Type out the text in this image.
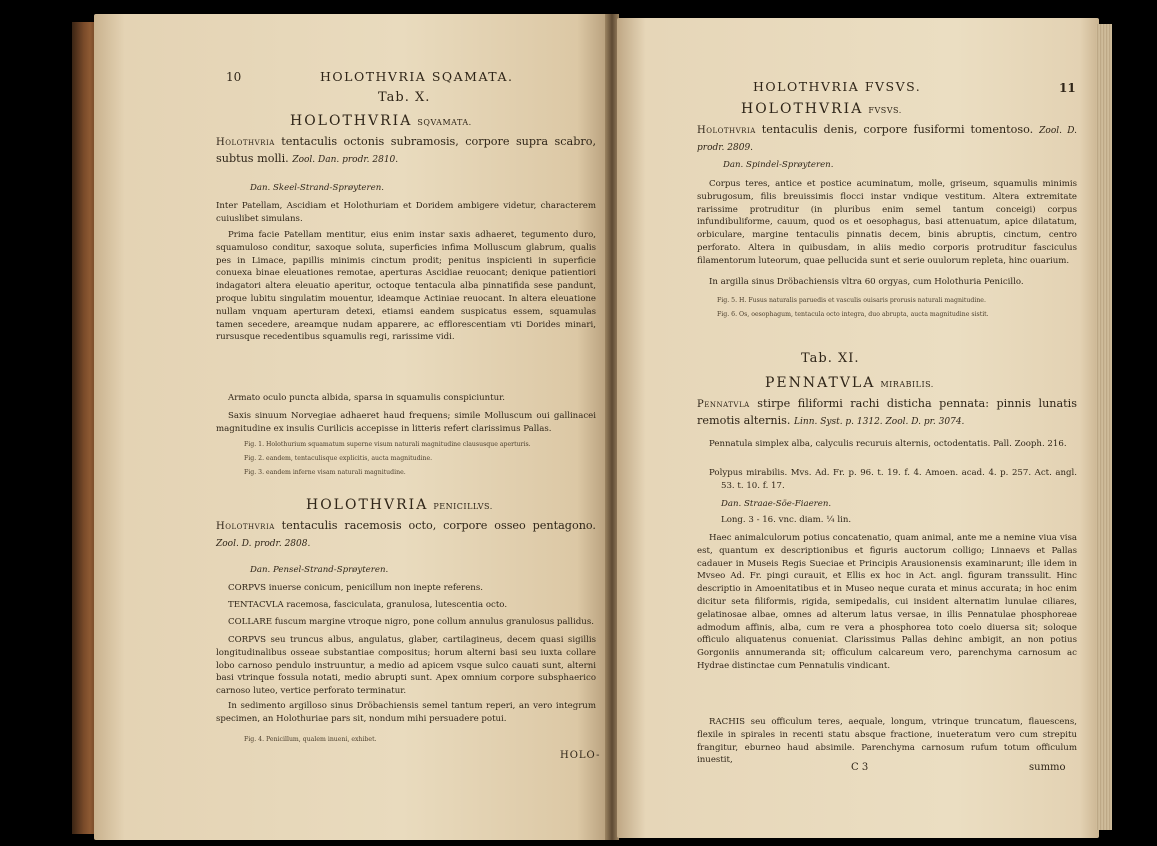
10	HOLOTHVRIA SQAMATA.
Tab. X.
HOLOTHVRIA SQVAMATA.
Holothvria tentaculis octonis subramosis, corpore supra scabro, subtus molli. Zool. Dan. prodr. 2810.
Dan. Skeel-Strand-Sprøyteren.
Inter Patellam, Ascidiam et Holothuriam et Doridem ambigere videtur, characterem cuiuslibet simulans.
Prima facie Patellam mentitur, eius enim instar saxis adhaeret, tegumento duro, squamuloso conditur, saxoque soluta, superficies infima Molluscum glabrum, qualis pes in Limace, papillis minimis cinctum prodit; penitus inspicienti in superficie conuexa binae eleuationes remotae, aperturas Ascidiae reuocant; denique patientiori indagatori altera eleuatio aperitur, octoque tentacula alba pinnatifida sese pandunt, proque lubitu singulatim mouentur, ideamque Actiniae reuocant. In altera eleuatione nullam vnquam aperturam detexi, etiamsi eandem suspicatus essem, squamulas tamen secedere, areamque nudam apparere, ac efflorescentiam vti Dorides minari, rursusque recedentibus squamulis regi, rarissime vidi.
Armato oculo puncta albida, sparsa in squamulis conspiciuntur.
Saxis sinuum Norvegiae adhaeret haud frequens; simile Molluscum oui gallinacei magnitudine ex insulis Curilicis accepisse in litteris refert clarissimus Pallas.
Fig. 1. Holothurium squamatum superne visum naturali magnitudine claususque aperturis.
Fig. 2. eandem, tentaculisque explicitis, aucta magnitudine.
Fig. 3. eandem inferne visam naturali magnitudine.
HOLOTHVRIA PENICILLVS.
Holothvria tentaculis racemosis octo, corpore osseo pentagono. Zool. D. prodr. 2808.
Dan. Pensel-Strand-Sprøyteren.
CORPVS inuerse conicum, penicillum non inepte referens.
TENTACVLA racemosa, fasciculata, granulosa, lutescentia octo.
COLLARE fuscum margine vtroque nigro, pone collum annulus granulosus pallidus.
CORPVS seu truncus albus, angulatus, glaber, cartilagineus, decem quasi sigillis longitudinalibus osseae substantiae compositus; horum alterni basi seu iuxta collare lobo carnoso pendulo instruuntur, a medio ad apicem vsque sulco cauati sunt, alterni basi vtrinque fossula notati, medio abrupti sunt. Apex omnium corpore subsphaerico carnoso luteo, vertice perforato terminatur.
In sedimento argilloso sinus Dröbachiensis semel tantum reperi, an vero integrum specimen, an Holothuriae pars sit, nondum mihi persuadere potui.
Fig. 4. Penicillum, qualem inueni, exhibet.
HOLO-
HOLOTHVRIA FVSVS.	11
HOLOTHVRIA FVSVS.
Holothvria tentaculis denis, corpore fusiformi tomentoso. Zool. D. prodr. 2809.
Dan. Spindel-Sprøyteren.
Corpus teres, antice et postice acuminatum, molle, griseum, squamulis minimis subrugosum, filis breuissimis flocci instar vndique vestitum. Altera extremitate rarissime protruditur (in pluribus enim semel tantum conceigi) corpus infundibuliforme, cauum, quod os et oesophagus, basi attenuatum, apice dilatatum, orbiculare, margine tentaculis pinnatis decem, binis abruptis, cinctum, centro perforato. Altera in quibusdam, in aliis medio corporis protruditur fasciculus filamentorum luteorum, quae pellucida sunt et serie ouulorum repleta, hinc ouarium.
In argilla sinus Dröbachiensis vltra 60 orgyas, cum Holothuria Penicillo.
Fig. 5. H. Fusus naturalis paruedis et vasculis ouisaris prorusis naturali magnitudine.
Fig. 6. Os, oesophagum, tentacula octo integra, duo abrupta, aucta magnitudine sistit.
Tab. XI.
PENNATVLA MIRABILIS.
Pennatvla stirpe filiformi rachi disticha pennata: pinnis lunatis remotis alternis. Linn. Syst. p. 1312. Zool. D. pr. 3074.
Pennatula simplex alba, calyculis recuruis alternis, octodentatis. Pall. Zooph. 216.
Polypus mirabilis. Mvs. Ad. Fr. p. 96. t. 19. f. 4. Amoen. acad. 4. p. 257. Act. angl. 53. t. 10. f. 17.
Dan. Straae-Söe-Fiaeren.
Long. 3 - 16. vnc. diam. ¼ lin.
Haec animalculorum potius concatenatio, quam animal, ante me a nemine viua visa est, quantum ex descriptionibus et figuris auctorum colligo; Linnaevs et Pallas cadauer in Museis Regis Sueciae et Principis Arausionensis examinarunt; ille idem in Mvseo Ad. Fr. pingi curauit, et Ellis ex hoc in Act. angl. figuram transsulit. Hinc descriptio in Amoenitatibus et in Museo neque curata et minus accurata; in hoc enim dicitur seta filiformis, rigida, semipedalis, cui insident alternatim lunulae ciliares, gelatinosae albae, omnes ad alterum latus versae, in illis Pennatulae phosphoreae admodum affinis, alba, cum re vera a phosphorea toto coelo diuersa sit; soloque officulo aliquatenus conueniat. Clarissimus Pallas dehinc ambigit, an non potius Gorgoniis annumeranda sit; officulum calcareum vero, parenchyma carnosum ac Hydrae distinctae cum Pennatulis vindicant.
RACHIS seu officulum teres, aequale, longum, vtrinque truncatum, flauescens, flexile in spirales in recenti statu absque fractione, inueteratum vero cum strepitu frangitur, eburneo haud absimile. Parenchyma carnosum rufum totum officulum inuestit,
C 3	summo
